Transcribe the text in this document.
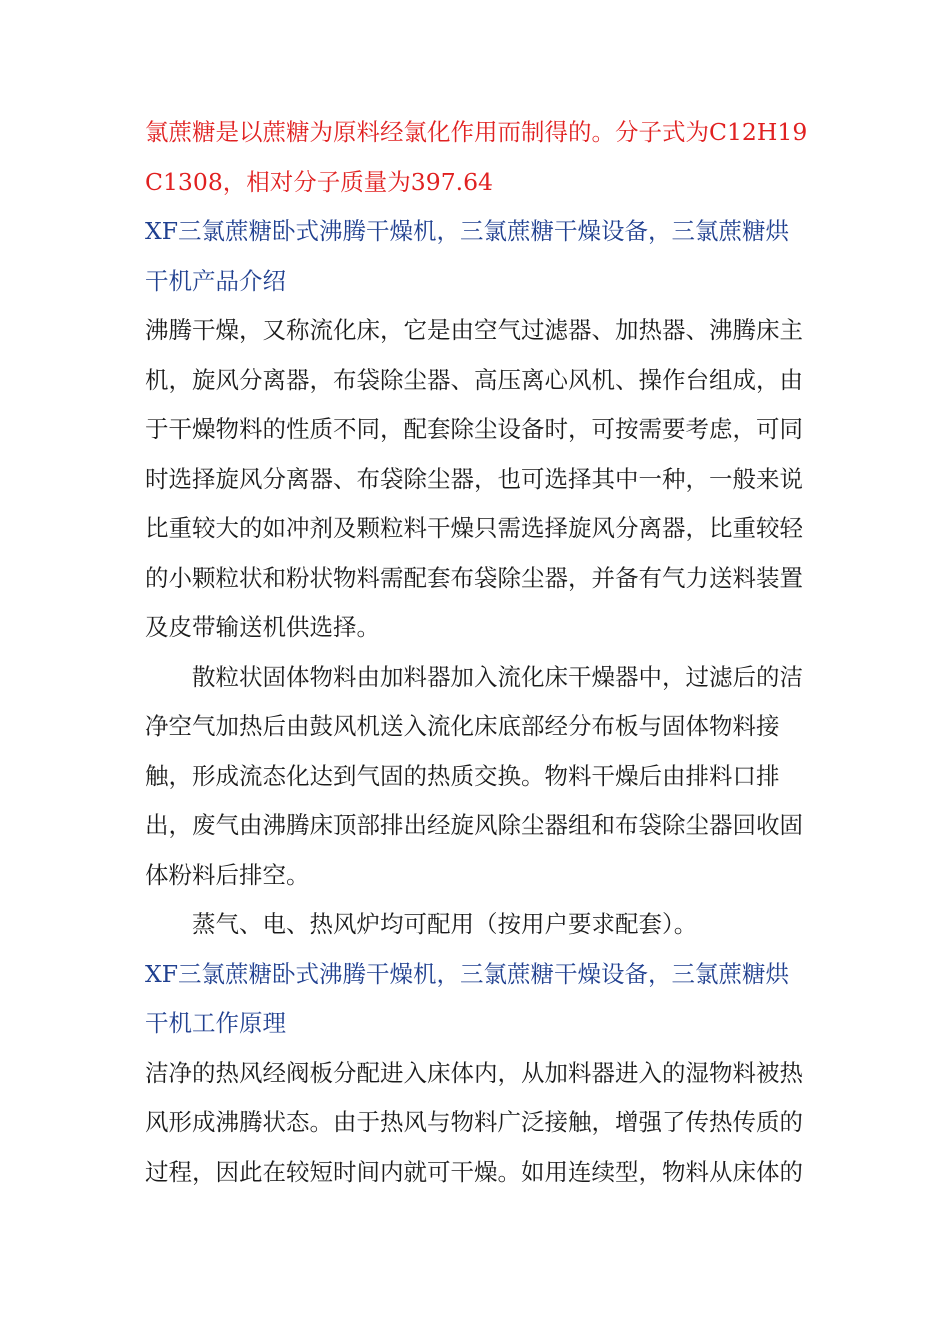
氯蔗糖是以蔗糖为原料经氯化作用而制得的。分子式为C12H19C1308，相对分子质量为397.64

XF三氯蔗糖卧式沸腾干燥机，三氯蔗糖干燥设备，三氯蔗糖烘干机产品介绍

沸腾干燥，又称流化床，它是由空气过滤器、加热器、沸腾床主机，旋风分离器，布袋除尘器、高压离心风机、操作台组成，由于干燥物料的性质不同，配套除尘设备时，可按需要考虑，可同时选择旋风分离器、布袋除尘器，也可选择其中一种，一般来说比重较大的如冲剂及颗粒料干燥只需选择旋风分离器，比重较轻的小颗粒状和粉状物料需配套布袋除尘器，并备有气力送料装置及皮带输送机供选择。

散粒状固体物料由加料器加入流化床干燥器中，过滤后的洁净空气加热后由鼓风机送入流化床底部经分布板与固体物料接触，形成流态化达到气固的热质交换。物料干燥后由排料口排出，废气由沸腾床顶部排出经旋风除尘器组和布袋除尘器回收固体粉料后排空。

蒸气、电、热风炉均可配用（按用户要求配套）。

XF三氯蔗糖卧式沸腾干燥机，三氯蔗糖干燥设备，三氯蔗糖烘干机工作原理

洁净的热风经阀板分配进入床体内，从加料器进入的湿物料被热风形成沸腾状态。由于热风与物料广泛接触，增强了传热传质的过程，因此在较短时间内就可干燥。如用连续型，物料从床体的
